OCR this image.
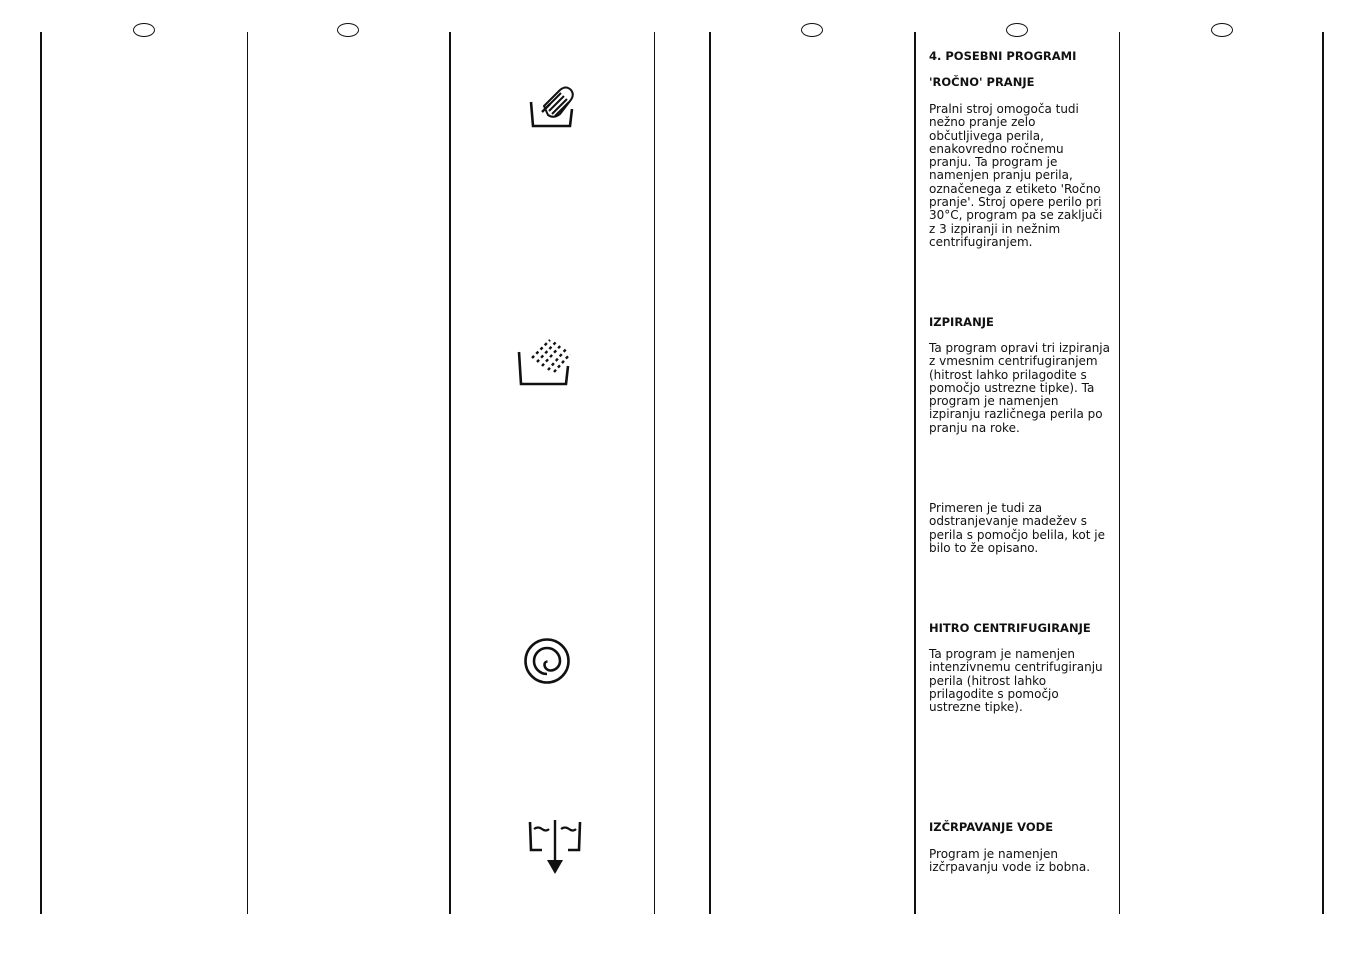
4. POSEBNI PROGRAMI
'ROČNO' PRANJE
Pralni stroj omogoča tudi nežno pranje zelo občutljivega perila, enakovredno ročnemu pranju. Ta program je namenjen pranju perila, označenega z etiketo 'Ročno pranje'. Stroj opere perilo pri 30°C, program pa se zaključi z 3 izpiranji in nežnim centrifugiranjem.
IZPIRANJE
Ta program opravi tri izpiranja z vmesnim centrifugiranjem (hitrost lahko prilagodite s pomočjo ustrezne tipke). Ta program je namenjen izpiranju različnega perila po pranju na roke.
Primeren je tudi za odstranjevanje madežev s perila s pomočjo belila, kot je bilo to že opisano.
HITRO CENTRIFUGIRANJE
Ta program je namenjen intenzivnemu centrifugiranju perila (hitrost lahko prilagodite s pomočjo ustrezne tipke).
IZČRPAVANJE VODE
Program je namenjen izčrpavanju vode iz bobna.
